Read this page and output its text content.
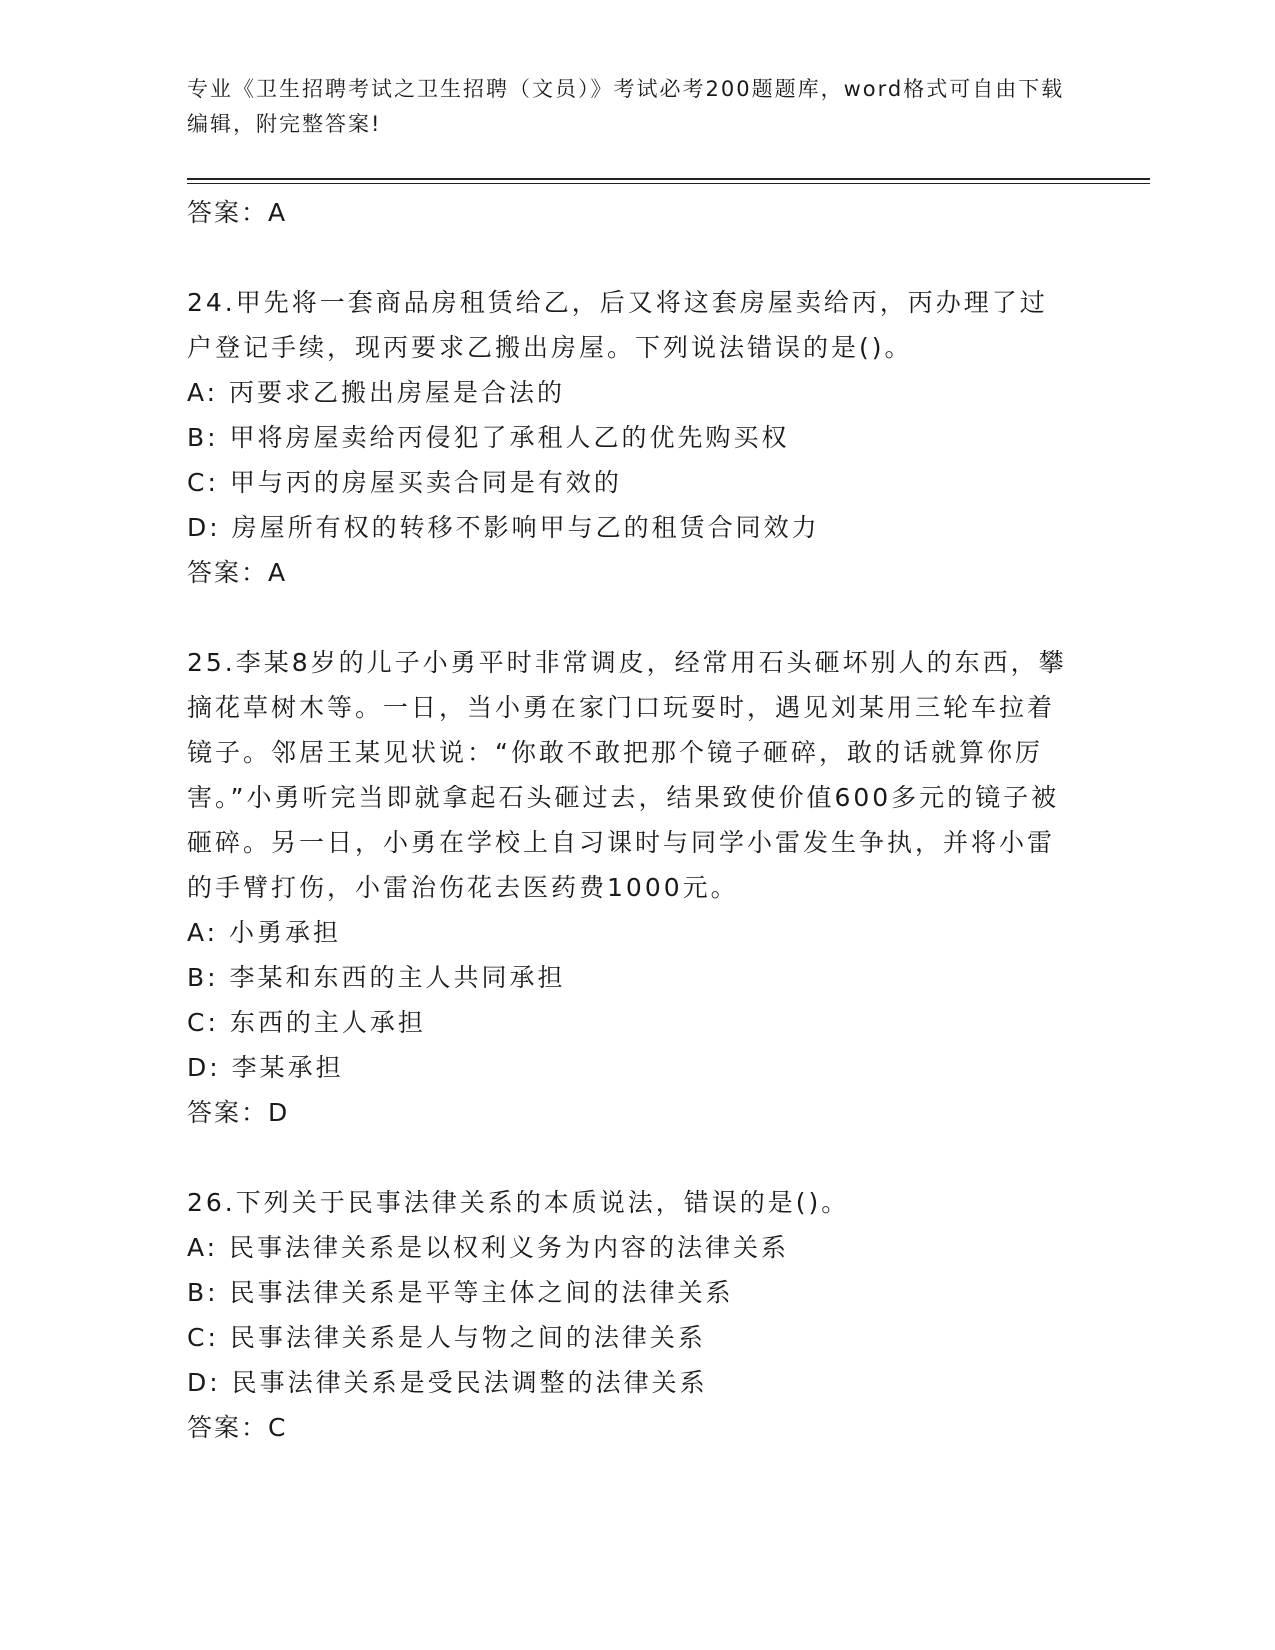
专业《卫生招聘考试之卫生招聘（文员）》考试必考200题题库，word格式可自由下载编辑，附完整答案!
答案：A
24.甲先将一套商品房租赁给乙，后又将这套房屋卖给丙，丙办理了过户登记手续，现丙要求乙搬出房屋。下列说法错误的是()。
A: 丙要求乙搬出房屋是合法的
B: 甲将房屋卖给丙侵犯了承租人乙的优先购买权
C: 甲与丙的房屋买卖合同是有效的
D: 房屋所有权的转移不影响甲与乙的租赁合同效力
答案：A
25.李某8岁的儿子小勇平时非常调皮，经常用石头砸坏别人的东西，攀摘花草树木等。一日，当小勇在家门口玩耍时，遇见刘某用三轮车拉着镜子。邻居王某见状说：“你敢不敢把那个镜子砸碎，敢的话就算你厉害。”小勇听完当即就拿起石头砸过去，结果致使价值600多元的镜子被砸碎。另一日，小勇在学校上自习课时与同学小雷发生争执，并将小雷的手臂打伤，小雷治伤花去医药费1000元。
A: 小勇承担
B: 李某和东西的主人共同承担
C: 东西的主人承担
D: 李某承担
答案：D
26.下列关于民事法律关系的本质说法，错误的是()。
A: 民事法律关系是以权利义务为内容的法律关系
B: 民事法律关系是平等主体之间的法律关系
C: 民事法律关系是人与物之间的法律关系
D: 民事法律关系是受民法调整的法律关系
答案：C
